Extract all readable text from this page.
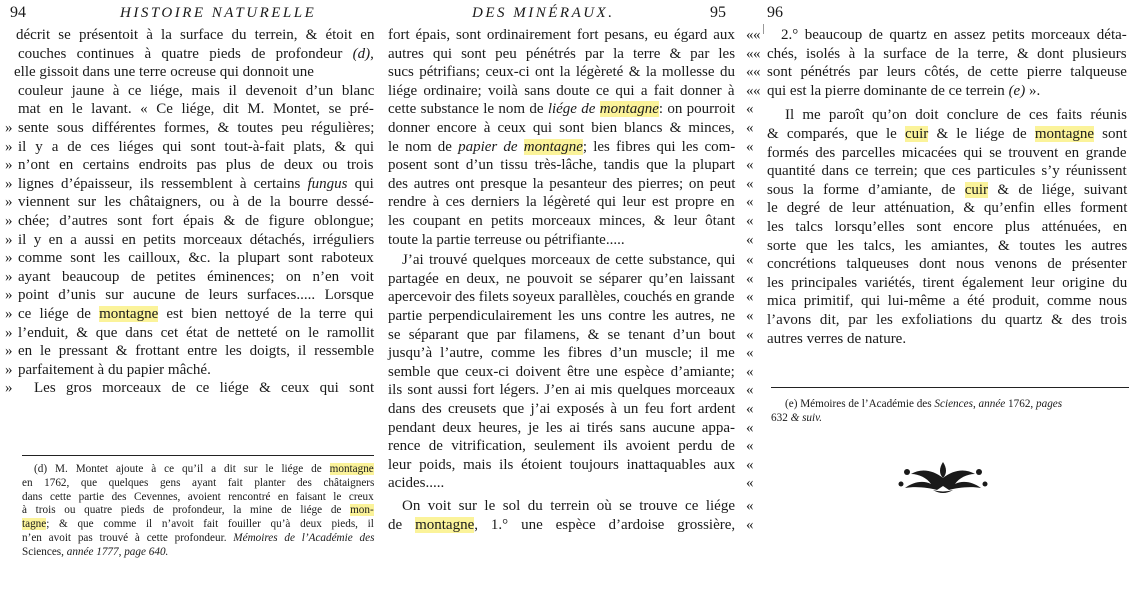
94	HISTOIRE NATURELLE
décrit se présentoit à la surface du terrein, & étoit en
couches continues à quatre pieds de profondeur (d),
elle gissoit dans une terre ocreuse qui donnoit une
couleur jaune à ce liége, mais il devenoit d’un blanc
mat en le lavant. « Ce liége, dit M. Montet, se pré-
sente sous différentes formes, & toutes peu régulières;
il y a de ces liéges qui sont tout-à-fait plats, & qui
n’ont en certains endroits pas plus de deux ou trois
lignes d’épaisseur, ils ressemblent à certains fungus qui
viennent sur les châtaigners, ou à de la bourre dessé-
chée; d’autres sont fort épais & de figure oblongue;
il y en a aussi en petits morceaux détachés, irréguliers
comme sont les cailloux, &c. la plupart sont raboteux
ayant beaucoup de petites éminences; on n’en voit
point d’unis sur aucune de leurs surfaces..... Lorsque
ce liége de montagne est bien nettoyé de la terre qui
l’enduit, & que dans cet état de netteté on le ramollit
en le pressant & frottant entre les doigts, il ressemble
parfaitement à du papier mâché.
Les gros morceaux de ce liége & ceux qui sont
»
»
»
»
»
»
»
»
»
»
»
»
»
»
»
(d) M. Montet ajoute à ce qu’il a dit sur le liége de montagne
en 1762, que quelques gens ayant fait planter des châtaigners
dans cette partie des Cevennes, avoient rencontré en faisant le creux
à trois ou quatre pieds de profondeur, la mine de liége de mon-
tagne; & que comme il n’avoit fait fouiller qu’à deux pieds, il
n’en avoit pas trouvé à cette profondeur. Mémoires de l’Académie des
Sciences, année 1777, page 640.
DES MINÉRAUX.	95
fort épais, sont ordinairement fort pesans, eu égard aux «
autres qui sont peu pénétrés par la terre & par les «
sucs pétrifians; ceux-ci ont la légèreté & la mollesse du «
liége ordinaire; voilà sans doute ce qui a fait donner à «
cette substance le nom de liége de montagne: on pourroit «
donner encore à ceux qui sont bien blancs & minces, «
le nom de papier de montagne; les fibres qui les com- «
posent sont d’un tissu très-lâche, tandis que la plupart «
des autres ont presque la pesanteur des pierres; on peut «
rendre à ces derniers la légèreté qui leur est propre en «
les coupant en petits morceaux minces, & leur ôtant «
toute la partie terreuse ou pétrifiante.....	«
J’ai trouvé quelques morceaux de cette substance, qui «
partagée en deux, ne pouvoit se séparer qu’en laissant «
apercevoir des filets soyeux parallèles, couchés en grande «
partie perpendiculairement les uns contre les autres, ne «
se séparant que par filamens, & se tenant d’un bout «
jusqu’à l’autre, comme les fibres d’un muscle; il me «
semble que ceux-ci doivent être une espèce d’amiante; «
ils sont aussi fort légers. J’en ai mis quelques morceaux «
dans des creusets que j’ai exposés à un feu fort ardent «
pendant deux heures, je les ai tirés sans aucune appa- «
rence de vitrification, seulement ils avoient perdu de «
leur poids, mais ils étoient toujours inattaquables aux «
acides.....	«
On voit sur le sol du terrein où se trouve ce liége «
de montagne, 1.° une espèce d’ardoise grossière, «
96
2.° beaucoup de quartz en assez petits morceaux déta-
«
chés, isolés à la surface de la terre, & dont plusieurs
«
sont pénétrés par leurs côtés, de cette pierre talqueuse
«
qui est la pierre dominante de ce terrein (e) ».
«
Il me paroît qu’on doit conclure de ces faits réunis
& comparés, que le cuir & le liége de montagne sont
formés des parcelles micacées qui se trouvent en grande
quantité dans ce terrein; que ces particules s’y réunissent
sous la forme d’amiante, de cuir & de liége, suivant
le degré de leur atténuation, & qu’enfin elles forment
les talcs lorsqu’elles sont encore plus atténuées, en
sorte que les talcs, les amiantes, & toutes les autres
concrétions talqueuses dont nous venons de présenter
les principales variétés, tirent également leur origine du
mica primitif, qui lui-même a été produit, comme nous
l’avons dit, par les exfoliations du quartz & des trois
autres verres de nature.
(e) Mémoires de l’Académie des Sciences, année 1762, pages
632 & suiv.
